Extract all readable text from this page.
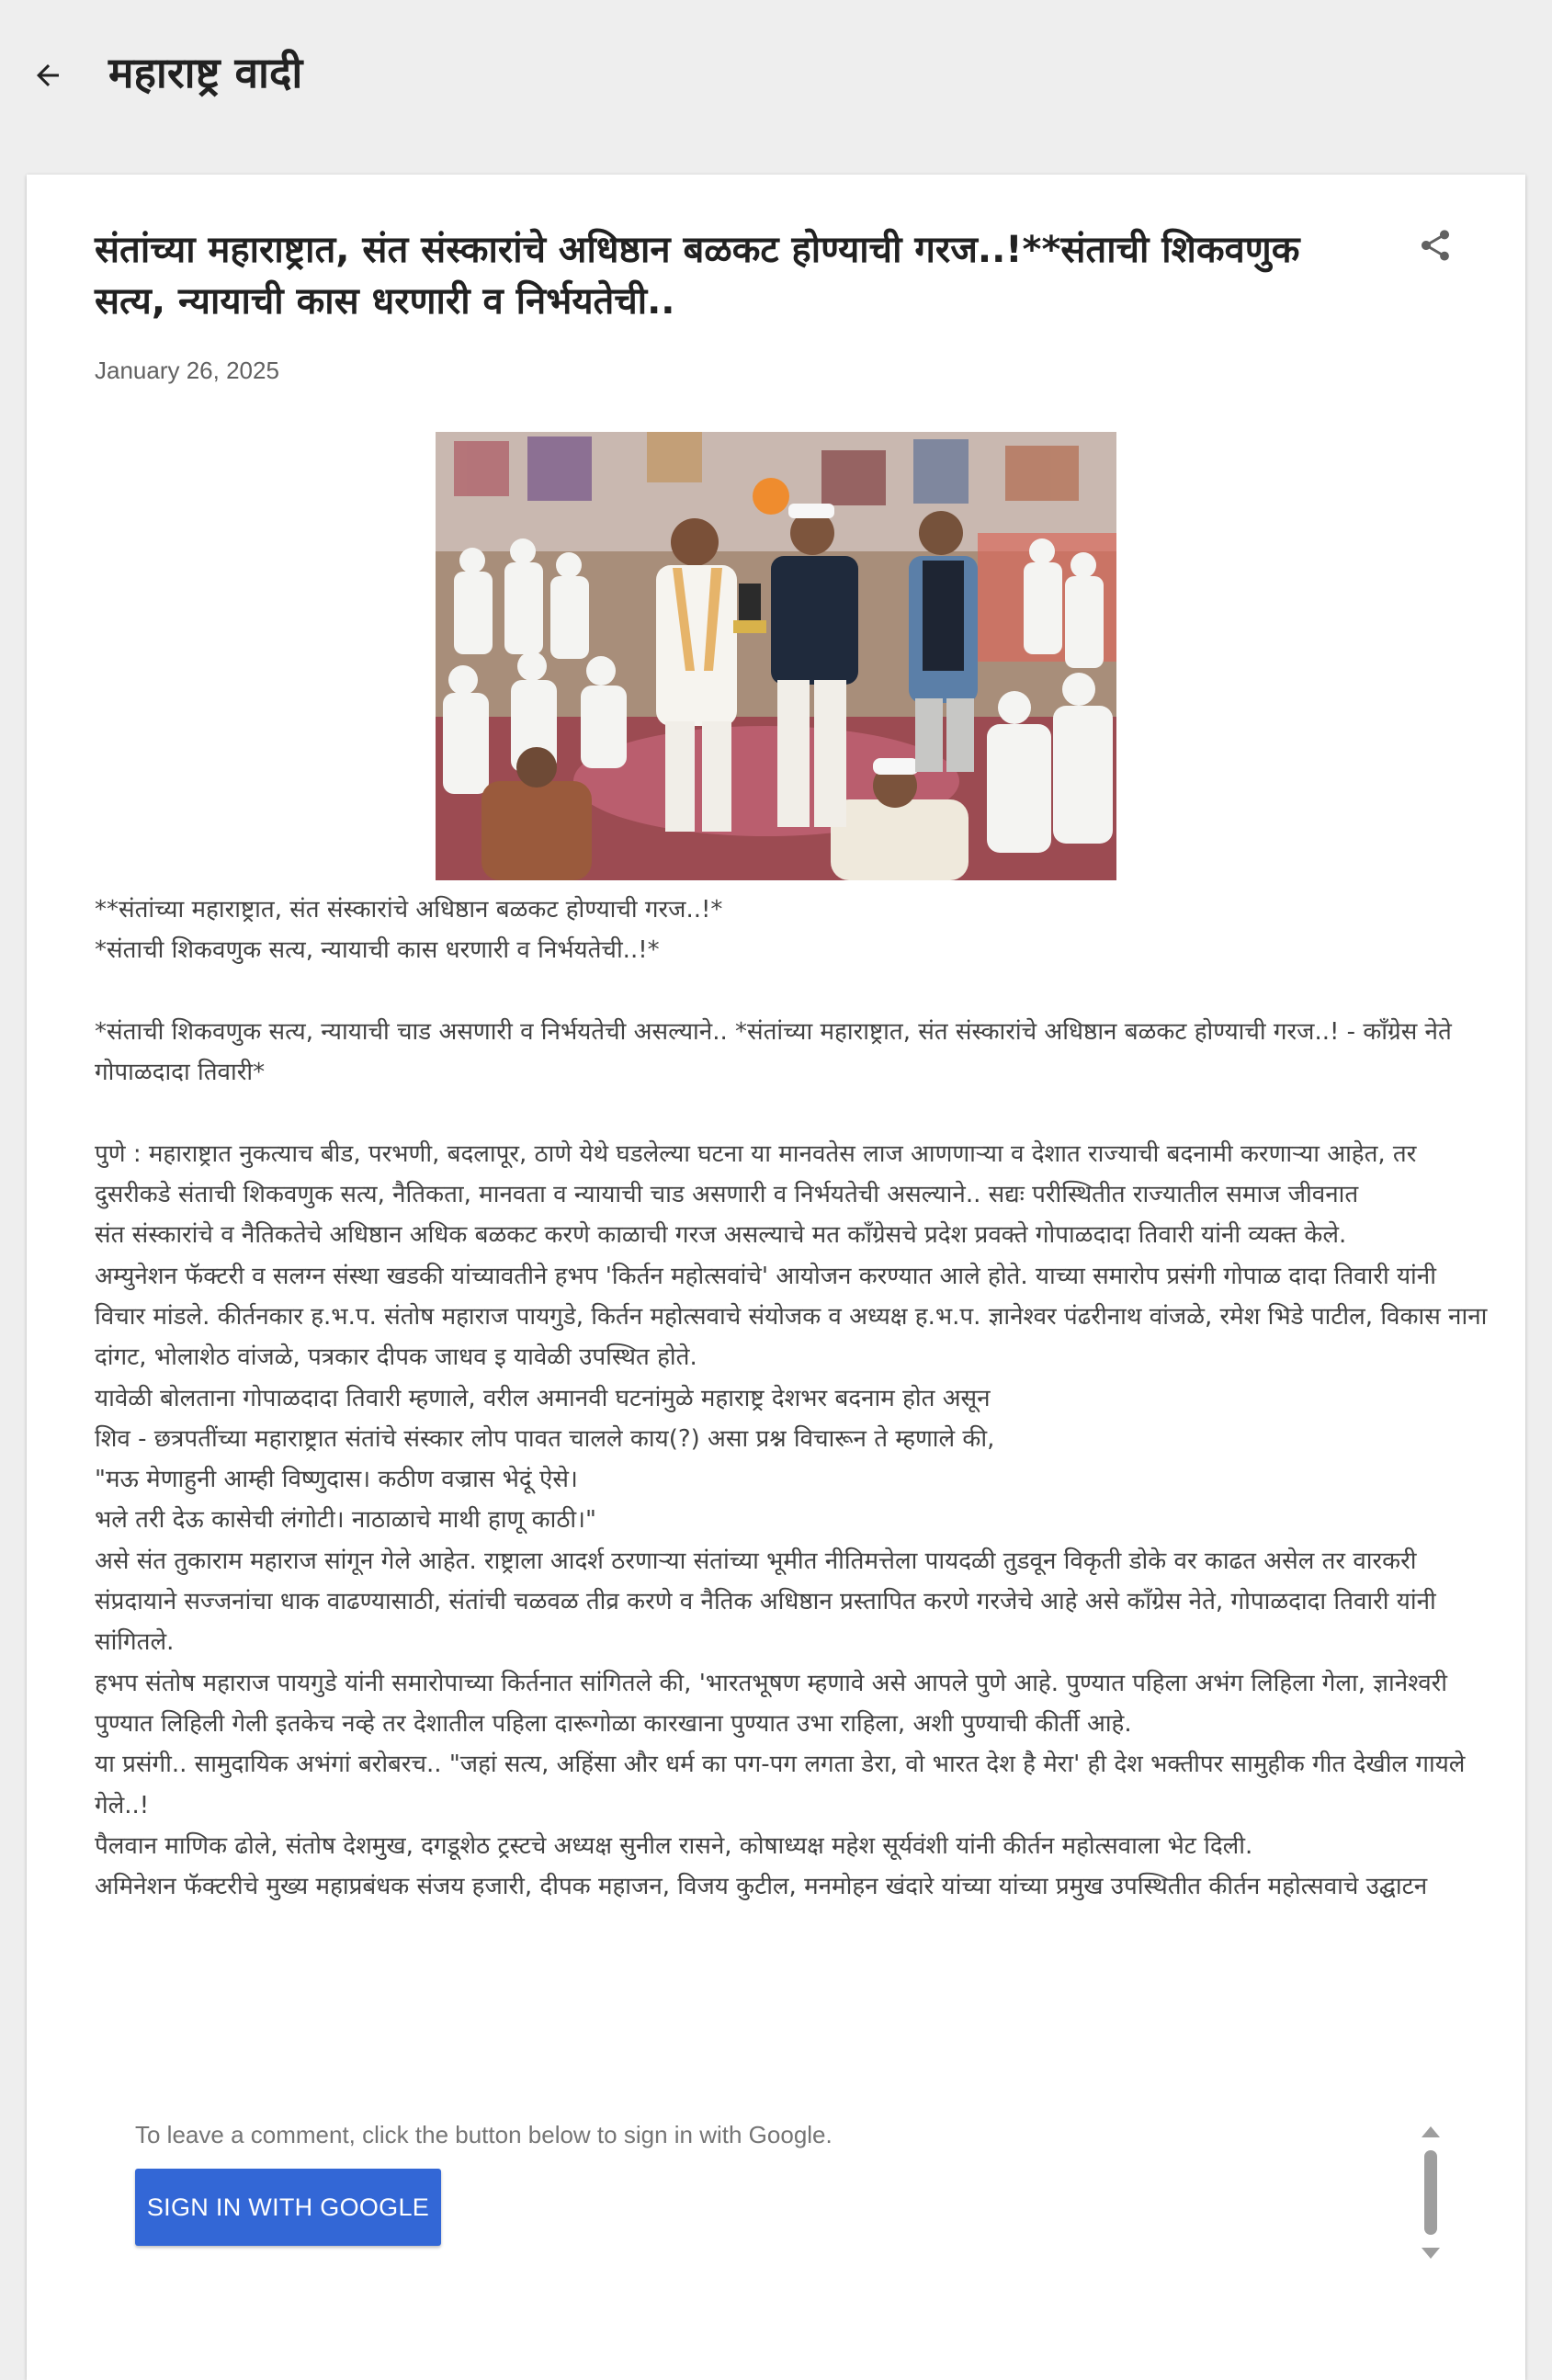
महाराष्ट्र वादी
संतांच्या महाराष्ट्रात, संत संस्कारांचे अधिष्ठान बळकट होण्याची गरज..!**संताची शिकवणुक सत्य, न्यायाची कास धरणारी व निर्भयतेची..
January 26, 2025

**संतांच्या महाराष्ट्रात, संत संस्कारांचे अधिष्ठान बळकट होण्याची गरज..!*

*संताची शिकवणुक सत्य, न्यायाची कास धरणारी व निर्भयतेची..!*

*संताची शिकवणुक सत्य, न्यायाची चाड असणारी व निर्भयतेची असल्याने.. *संतांच्या महाराष्ट्रात, संत संस्कारांचे अधिष्ठान बळकट होण्याची गरज..! - काँग्रेस नेते गोपाळदादा तिवारी*

पुणे : महाराष्ट्रात नुकत्याच बीड, परभणी, बदलापूर, ठाणे येथे घडलेल्या घटना या मानवतेस लाज आणणाऱ्या व देशात राज्याची बदनामी करणाऱ्या आहेत, तर दुसरीकडे संताची शिकवणुक सत्य, नैतिकता, मानवता व न्यायाची चाड असणारी व निर्भयतेची असल्याने.. सद्यः परीस्थितीत राज्यातील समाज जीवनात

संत संस्कारांचे व नैतिकतेचे अधिष्ठान अधिक बळकट करणे काळाची गरज असल्याचे मत काँग्रेसचे प्रदेश प्रवक्ते गोपाळदादा तिवारी यांनी व्यक्त केले.

अम्युनेशन फॅक्टरी व सलग्न संस्था खडकी यांच्यावतीने हभप 'किर्तन महोत्सवांचे' आयोजन करण्यात आले होते. याच्या समारोप प्रसंगी गोपाळ दादा तिवारी यांनी विचार मांडले. कीर्तनकार ह.भ.प. संतोष महाराज पायगुडे, किर्तन महोत्सवाचे संयोजक व अध्यक्ष ह.भ.प. ज्ञानेश्वर पंढरीनाथ वांजळे, रमेश भिडे पाटील, विकास नाना दांगट, भोलाशेठ वांजळे, पत्रकार दीपक जाधव इ यावेळी उपस्थित होते.

यावेळी बोलताना गोपाळदादा तिवारी म्हणाले, वरील अमानवी घटनांमुळे महाराष्ट्र देशभर बदनाम होत असून

शिव - छत्रपतींच्या महाराष्ट्रात संतांचे संस्कार लोप पावत चालले काय(?) असा प्रश्न विचारून ते म्हणाले की,

"मऊ मेणाहुनी आम्ही विष्णुदास। कठीण वज्रास भेदूं ऐसे।

भले तरी देऊ कासेची लंगोटी। नाठाळाचे माथी हाणू काठी।"

असे संत तुकाराम महाराज सांगून गेले आहेत. राष्ट्राला आदर्श ठरणाऱ्या संतांच्या भूमीत नीतिमत्तेला पायदळी तुडवून विकृती डोके वर काढत असेल तर वारकरी संप्रदायाने सज्जनांचा धाक वाढण्यासाठी, संतांची चळवळ तीव्र करणे व नैतिक अधिष्ठान प्रस्तापित करणे गरजेचे आहे असे काँग्रेस नेते, गोपाळदादा तिवारी यांनी सांगितले.

हभप संतोष महाराज पायगुडे यांनी समारोपाच्या किर्तनात सांगितले की, 'भारतभूषण म्हणावे असे आपले पुणे आहे. पुण्यात पहिला अभंग लिहिला गेला, ज्ञानेश्वरी पुण्यात लिहिली गेली इतकेच नव्हे तर देशातील पहिला दारूगोळा कारखाना पुण्यात उभा राहिला, अशी पुण्याची कीर्ती आहे.

या प्रसंगी.. सामुदायिक अभंगां बरोबरच.. "जहां सत्य, अहिंसा और धर्म का पग-पग लगता डेरा, वो भारत देश है मेरा' ही देश भक्तीपर सामुहीक गीत देखील गायले गेले..!

पैलवान माणिक ढोले, संतोष देशमुख, दगडूशेठ ट्रस्टचे अध्यक्ष सुनील रासने, कोषाध्यक्ष महेश सूर्यवंशी यांनी कीर्तन महोत्सवाला भेट दिली.

अमिनेशन फॅक्टरीचे मुख्य महाप्रबंधक संजय हजारी, दीपक महाजन, विजय कुटील, मनमोहन खंदारे यांच्या यांच्या प्रमुख उपस्थितीत कीर्तन महोत्सवाचे उद्घाटन

To leave a comment, click the button below to sign in with Google.
SIGN IN WITH GOOGLE
